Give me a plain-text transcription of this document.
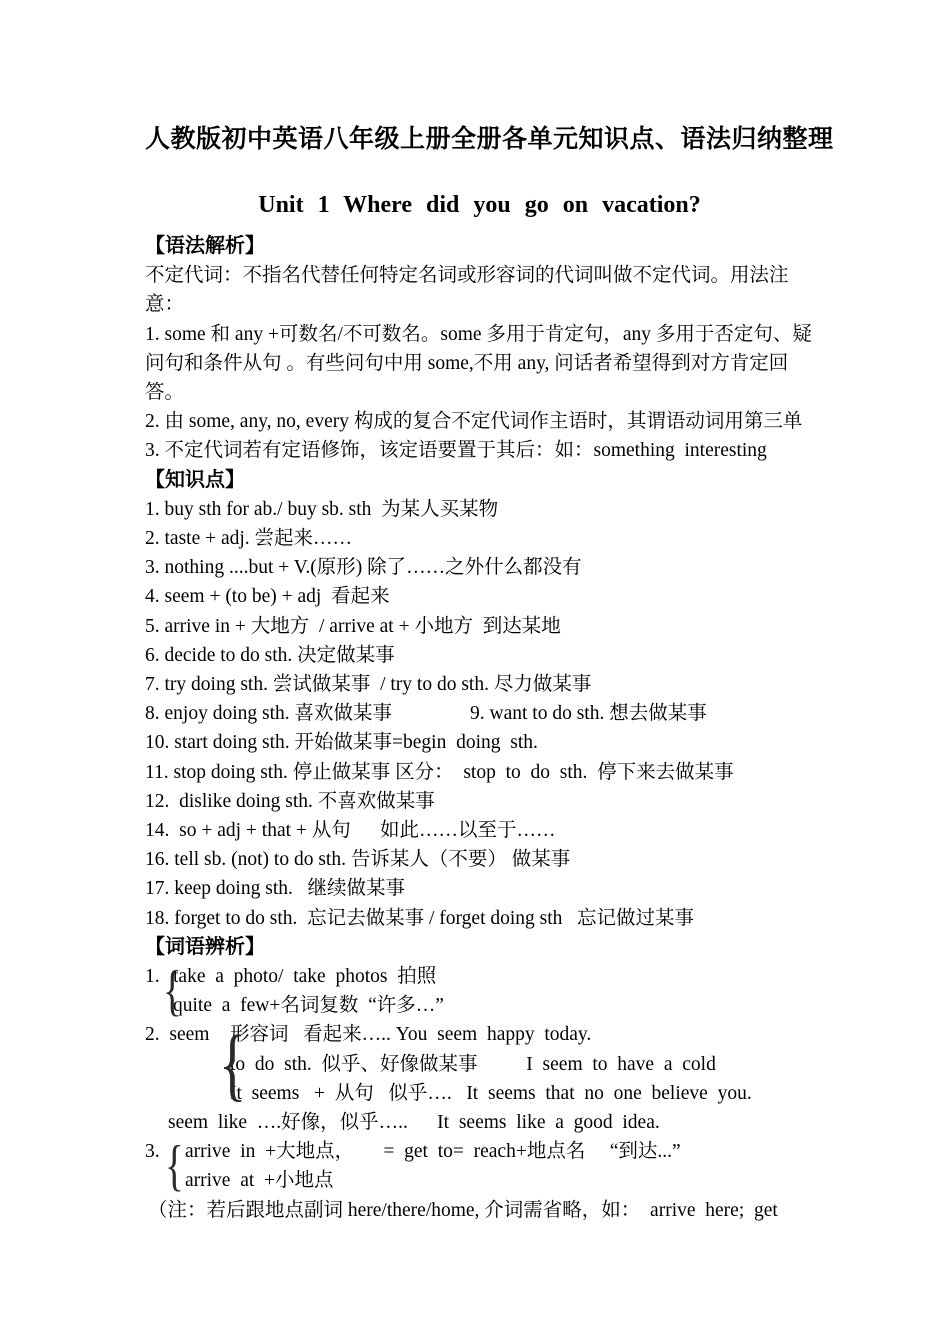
人教版初中英语八年级上册全册各单元知识点、语法归纳整理
Unit 1 Where did you go on vacation?
【语法解析】
不定代词：不指名代替任何特定名词或形容词的代词叫做不定代词。用法注
意：
1. some 和 any +可数名/不可数名。some 多用于肯定句，any 多用于否定句、疑
问句和条件从句 。有些问句中用 some,不用 any, 问话者希望得到对方肯定回
答。
2. 由 some, any, no, every 构成的复合不定代词作主语时，其谓语动词用第三单
3. 不定代词若有定语修饰，该定语要置于其后：如：something  interesting
【知识点】
1. buy sth for ab./ buy sb. sth  为某人买某物
2. taste + adj. 尝起来……
3. nothing ....but + V.(原形) 除了……之外什么都没有
4. seem + (to be) + adj  看起来
5. arrive in + 大地方  / arrive at + 小地方  到达某地
6. decide to do sth. 决定做某事
7. try doing sth. 尝试做某事  / try to do sth. 尽力做某事
8. enjoy doing sth. 喜欢做某事                9. want to do sth. 想去做某事
10. start doing sth. 开始做某事=begin  doing  sth.
11. stop doing sth. 停止做某事 区分：  stop  to  do  sth.  停下来去做某事
12.  dislike doing sth. 不喜欢做某事
14.  so + adj + that + 从句      如此……以至于……
16. tell sb. (not) to do sth. 告诉某人（不要） 做某事
17. keep doing sth.   继续做某事
18. forget to do sth.  忘记去做某事 / forget doing sth   忘记做过某事
【词语辨析】
1. {
take  a  photo/  take  photos  拍照
quite  a  few+名词复数  “许多…”
2.  seem {
形容词   看起来….. You  seem  happy  today.
to  do  sth.  似乎、好像做某事          I  seem  to  have  a  cold
It  seems   +  从句   似乎….   It  seems  that  no  one  believe  you.
seem  like  ….好像，似乎…..      It  seems  like  a  good  idea.
3. { arrive  in  +大地点，      =  get  to=  reach+地点名     “到达...”
arrive  at  +小地点
（注：若后跟地点副词 here/there/home, 介词需省略，如：  arrive  here;  get
